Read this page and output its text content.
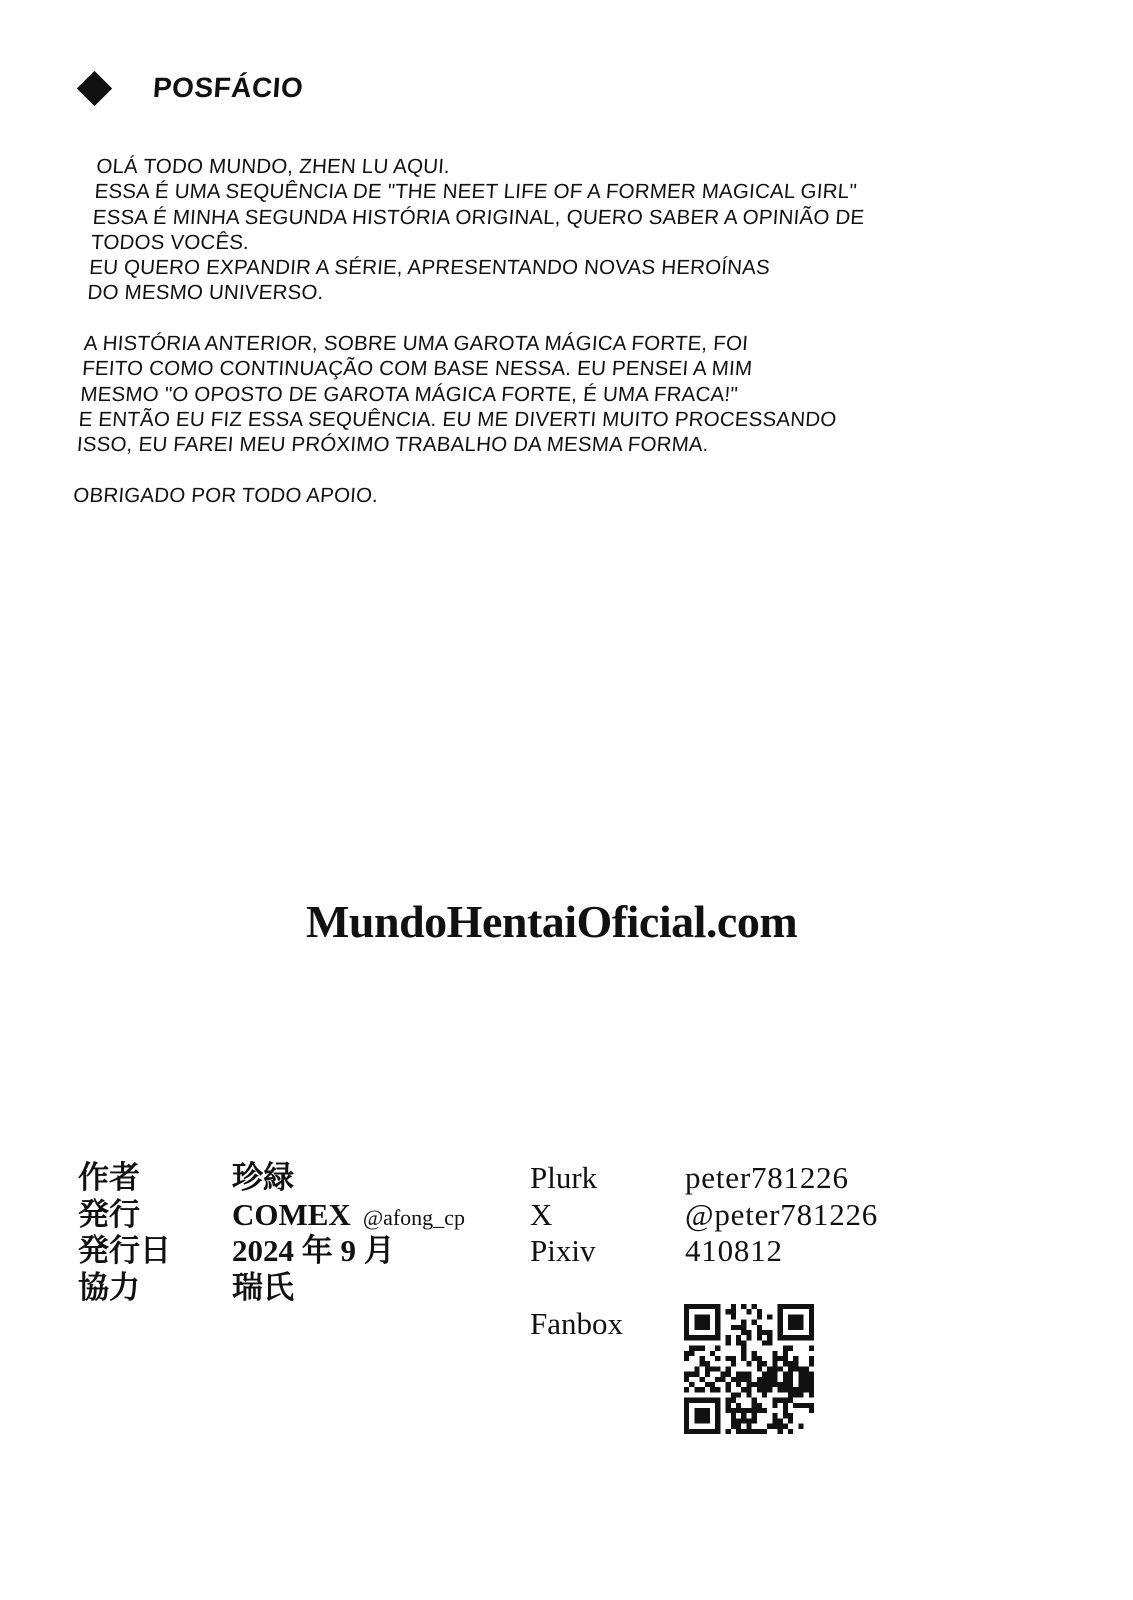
POSFÁCIO
OLÁ TODO MUNDO, ZHEN LU AQUI.
ESSA É UMA SEQUÊNCIA DE "THE NEET LIFE OF A FORMER MAGICAL GIRL"
ESSA É MINHA SEGUNDA HISTÓRIA ORIGINAL, QUERO SABER A OPINIÃO DE
TODOS VOCÊS.
EU QUERO EXPANDIR A SÉRIE, APRESENTANDO NOVAS HEROÍNAS
DO MESMO UNIVERSO.
A HISTÓRIA ANTERIOR, SOBRE UMA GAROTA MÁGICA FORTE, FOI
FEITO COMO CONTINUAÇÃO COM BASE NESSA. EU PENSEI A MIM
MESMO "O OPOSTO DE GAROTA MÁGICA FORTE, É UMA FRACA!"
E ENTÃO EU FIZ ESSA SEQUÊNCIA. EU ME DIVERTI MUITO PROCESSANDO
ISSO, EU FAREI MEU PRÓXIMO TRABALHO DA MESMA FORMA.
OBRIGADO POR TODO APOIO.
MundoHentaiOficial.com
作者	珍緑
発行	COMEX @afong_cp
発行日	2024 年 9 月
協力	瑞氏
Plurk	peter781226
X	@peter781226
Pixiv	410812
Fanbox
